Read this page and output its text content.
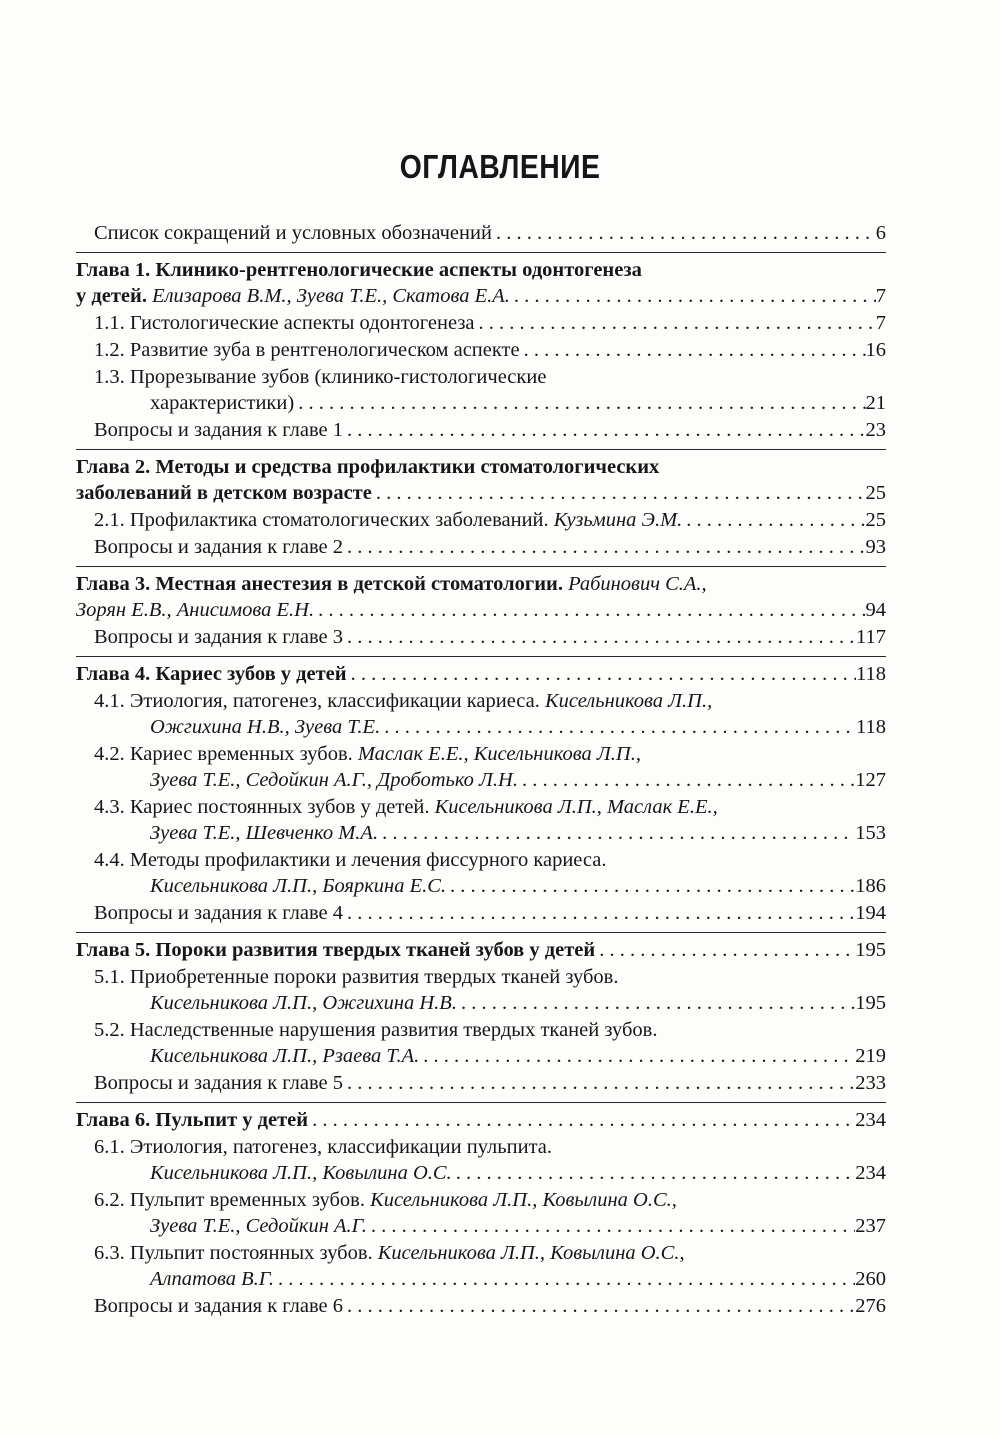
ОГЛАВЛЕНИЕ
Список сокращений и условных обозначений . . .	6
Глава 1. Клинико-рентгенологические аспекты одонтогенеза
у детей. Елизарова В.М., Зуева Т.Е., Скатова Е.А. . . .	7
1.1. Гистологические аспекты одонтогенеза . . .	7
1.2. Развитие зуба в рентгенологическом аспекте . . .	16
1.3. Прорезывание зубов (клинико-гистологические
характеристики) . . .	21
Вопросы и задания к главе 1 . . .	23
Глава 2. Методы и средства профилактики стоматологических
заболеваний в детском возрасте . . .	25
2.1. Профилактика стоматологических заболеваний. Кузьмина Э.М. . . .	25
Вопросы и задания к главе 2 . . .	93
Глава 3. Местная анестезия в детской стоматологии. Рабинович С.А.,
Зорян Е.В., Анисимова Е.Н. . . .	94
Вопросы и задания к главе 3 . . .	117
Глава 4. Кариес зубов у детей . . .	118
4.1. Этиология, патогенез, классификации кариеса. Кисельникова Л.П.,
Ожгихина Н.В., Зуева Т.Е. . . .	118
4.2. Кариес временных зубов. Маслак Е.Е., Кисельникова Л.П.,
Зуева Т.Е., Седойкин А.Г., Дроботько Л.Н. . . .	127
4.3. Кариес постоянных зубов у детей. Кисельникова Л.П., Маслак Е.Е.,
Зуева Т.Е., Шевченко М.А. . . .	153
4.4. Методы профилактики и лечения фиссурного кариеса.
Кисельникова Л.П., Бояркина Е.С. . . .	186
Вопросы и задания к главе 4 . . .	194
Глава 5. Пороки развития твердых тканей зубов у детей . . .	195
5.1. Приобретенные пороки развития твердых тканей зубов.
Кисельникова Л.П., Ожгихина Н.В. . . .	195
5.2. Наследственные нарушения развития твердых тканей зубов.
Кисельникова Л.П., Рзаева Т.А. . . .	219
Вопросы и задания к главе 5 . . .	233
Глава 6. Пульпит у детей . . .	234
6.1. Этиология, патогенез, классификации пульпита.
Кисельникова Л.П., Ковылина О.С. . . .	234
6.2. Пульпит временных зубов. Кисельникова Л.П., Ковылина О.С.,
Зуева Т.Е., Седойкин А.Г. . . .	237
6.3. Пульпит постоянных зубов. Кисельникова Л.П., Ковылина О.С.,
Алпатова В.Г. . . .	260
Вопросы и задания к главе 6 . . .	276
